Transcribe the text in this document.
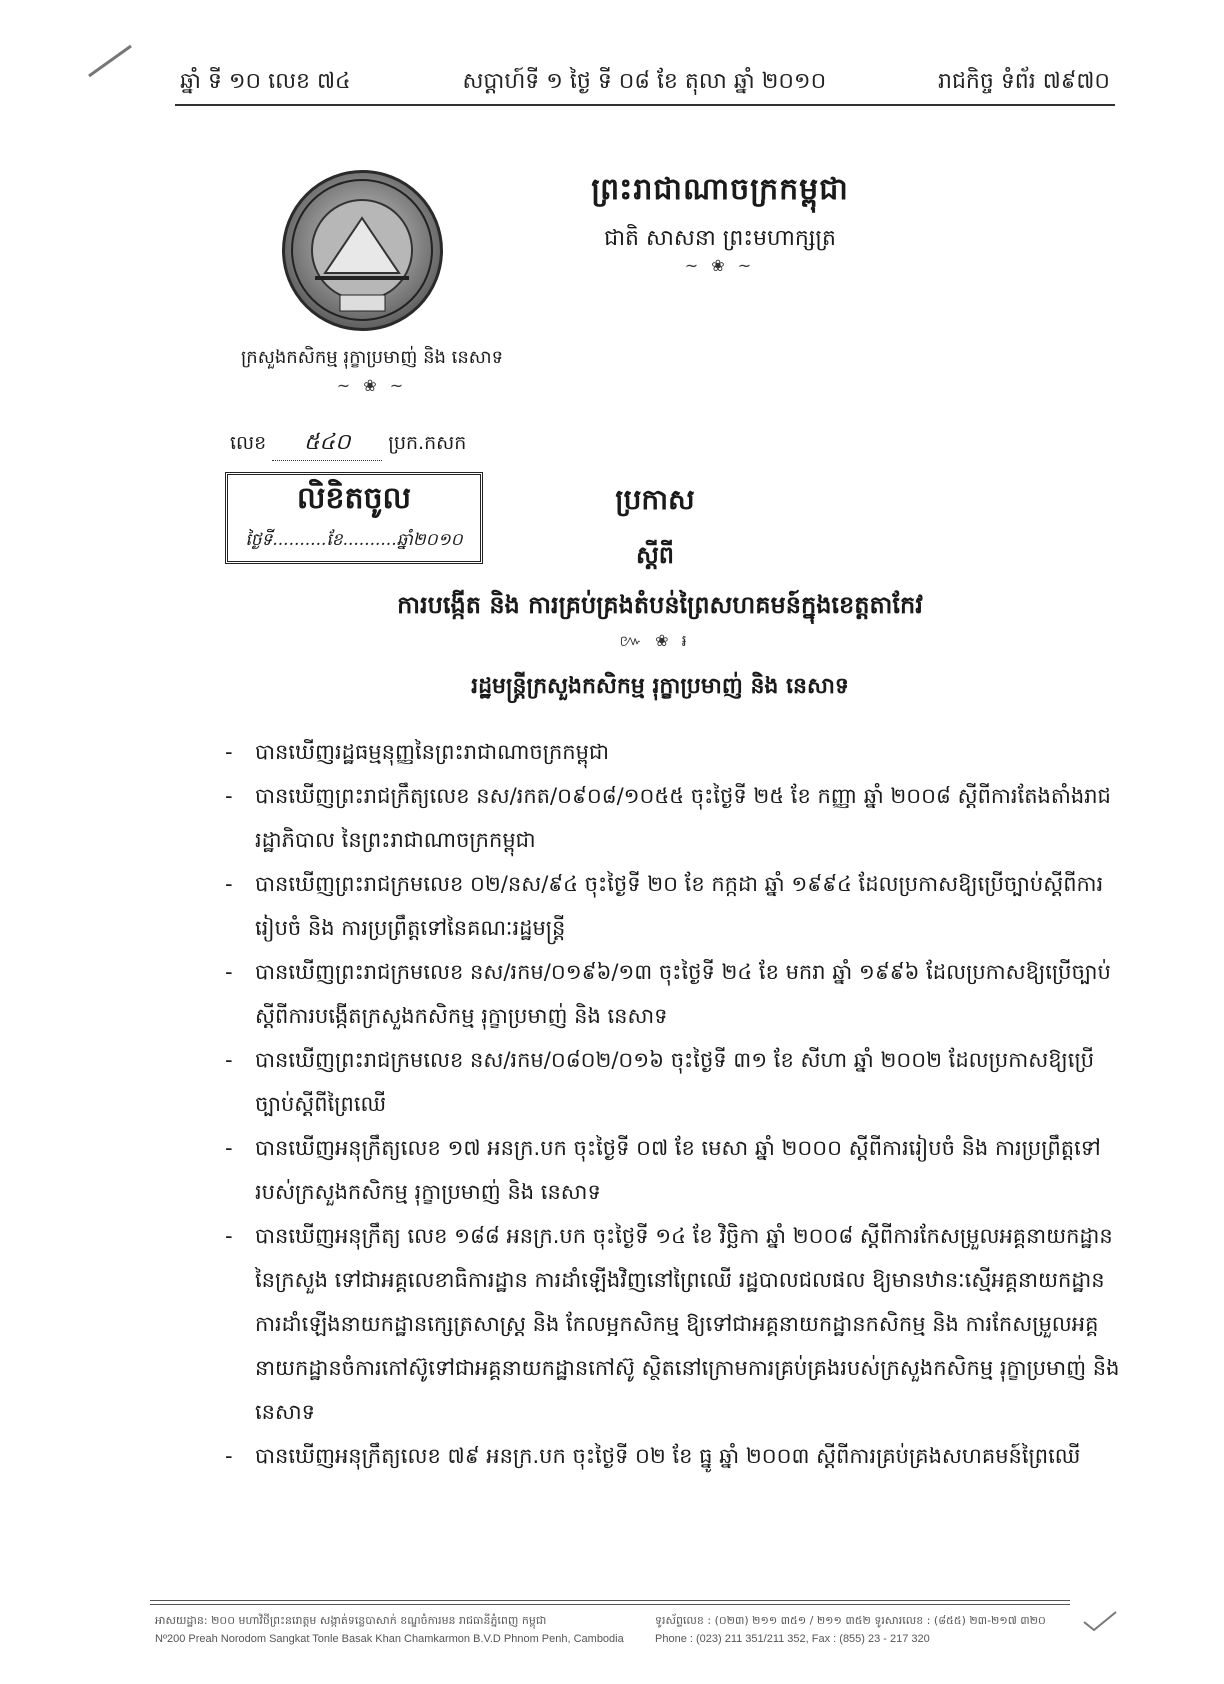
ឆ្នាំ ទី ១០ លេខ ៧៤	សប្តាហ៍ទី ១ ថ្ងៃ ទី ០៨ ខែ តុលា ឆ្នាំ ២០១០	រាជកិច្ច ទំព័រ ៧៩៧០
ព្រះរាជាណាចក្រកម្ពុជា
ជាតិ សាសនា ព្រះមហាក្សត្រ
~ ❀ ~
ក្រសួងកសិកម្ម រុក្ខាប្រមាញ់ និង នេសាទ
~ ❀ ~
លេខ ៥៤០ ប្រក.កសក
លិខិតចូល
ថ្ងៃទី..........ខែ..........ឆ្នាំ២០១០
ប្រកាស
ស្តីពី
ការបង្កើត និង ការគ្រប់គ្រងតំបន់ព្រៃសហគមន៍ក្នុងខេត្តតាកែវ
៚ ❀ ៛
រដ្ឋមន្ត្រីក្រសួងកសិកម្ម រុក្ខាប្រមាញ់ និង នេសាទ
- បានឃើញរដ្ឋធម្មនុញ្ញនៃព្រះរាជាណាចក្រកម្ពុជា
- បានឃើញព្រះរាជក្រឹត្យលេខ នស/រកត/០៩០៨/១០៥៥ ចុះថ្ងៃទី ២៥ ខែ កញ្ញា ឆ្នាំ ២០០៨ ស្តីពីការតែងតាំងរាជរដ្ឋាភិបាល នៃព្រះរាជាណាចក្រកម្ពុជា
- បានឃើញព្រះរាជក្រមលេខ ០២/នស/៩៤ ចុះថ្ងៃទី ២០ ខែ កក្កដា ឆ្នាំ ១៩៩៤ ដែលប្រកាសឱ្យប្រើច្បាប់ស្តីពីការរៀបចំ និង ការប្រព្រឹត្តទៅនៃគណៈរដ្ឋមន្ត្រី
- បានឃើញព្រះរាជក្រមលេខ នស/រកម/០១៩៦/១៣ ចុះថ្ងៃទី ២៤ ខែ មករា ឆ្នាំ ១៩៩៦ ដែលប្រកាសឱ្យប្រើច្បាប់ស្តីពីការបង្កើតក្រសួងកសិកម្ម រុក្ខាប្រមាញ់ និង នេសាទ
- បានឃើញព្រះរាជក្រមលេខ នស/រកម/០៨០២/០១៦ ចុះថ្ងៃទី ៣១ ខែ សីហា ឆ្នាំ ២០០២ ដែលប្រកាសឱ្យប្រើច្បាប់ស្តីពីព្រៃឈើ
- បានឃើញអនុក្រឹត្យលេខ ១៧ អនក្រ.បក ចុះថ្ងៃទី ០៧ ខែ មេសា ឆ្នាំ ២០០០ ស្តីពីការរៀបចំ និង ការប្រព្រឹត្តទៅរបស់ក្រសួងកសិកម្ម រុក្ខាប្រមាញ់ និង នេសាទ
- បានឃើញអនុក្រឹត្យ លេខ ១៨៨ អនក្រ.បក ចុះថ្ងៃទី ១៤ ខែ វិច្ឆិកា ឆ្នាំ ២០០៨ ស្តីពីការកែសម្រួលអគ្គនាយកដ្ឋាននៃក្រសួង ទៅជាអគ្គលេខាធិការដ្ឋាន ការដាំឡើងវិញនៅព្រៃឈើ រដ្ឋបាលជលផល ឱ្យមានឋានៈស្មើអគ្គនាយកដ្ឋាន ការដាំឡើងនាយកដ្ឋានក្សេត្រសាស្ត្រ និង កែលម្អកសិកម្ម ឱ្យទៅជាអគ្គនាយកដ្ឋានកសិកម្ម និង ការកែសម្រួលអគ្គនាយកដ្ឋានចំការកៅស៊ូទៅជាអគ្គនាយកដ្ឋានកៅស៊ូ ស្ថិតនៅក្រោមការគ្រប់គ្រងរបស់ក្រសួងកសិកម្ម រុក្ខាប្រមាញ់ និង នេសាទ
- បានឃើញអនុក្រឹត្យលេខ ៧៩ អនក្រ.បក ចុះថ្ងៃទី ០២ ខែ ធ្នូ ឆ្នាំ ២០០៣ ស្តីពីការគ្រប់គ្រងសហគមន៍ព្រៃឈើ
អាសយដ្ឋាន: ២០០ មហាវិថីព្រះនរោត្តម សង្កាត់ទន្លេបាសាក់ ខណ្ឌចំការមន រាជធានីភ្នំពេញ កម្ពុជា
Nº200 Preah Norodom Sangkat Tonle Basak Khan Chamkarmon B.V.D Phnom Penh, Cambodia
ទូរស័ព្ទលេខ : (០២៣) ២១១ ៣៥១ / ២១១ ៣៥២ ទូរសារលេខ : (៨៥៥) ២៣-២១៧ ៣២០
Phone : (023) 211 351/211 352, Fax : (855) 23 - 217 320
